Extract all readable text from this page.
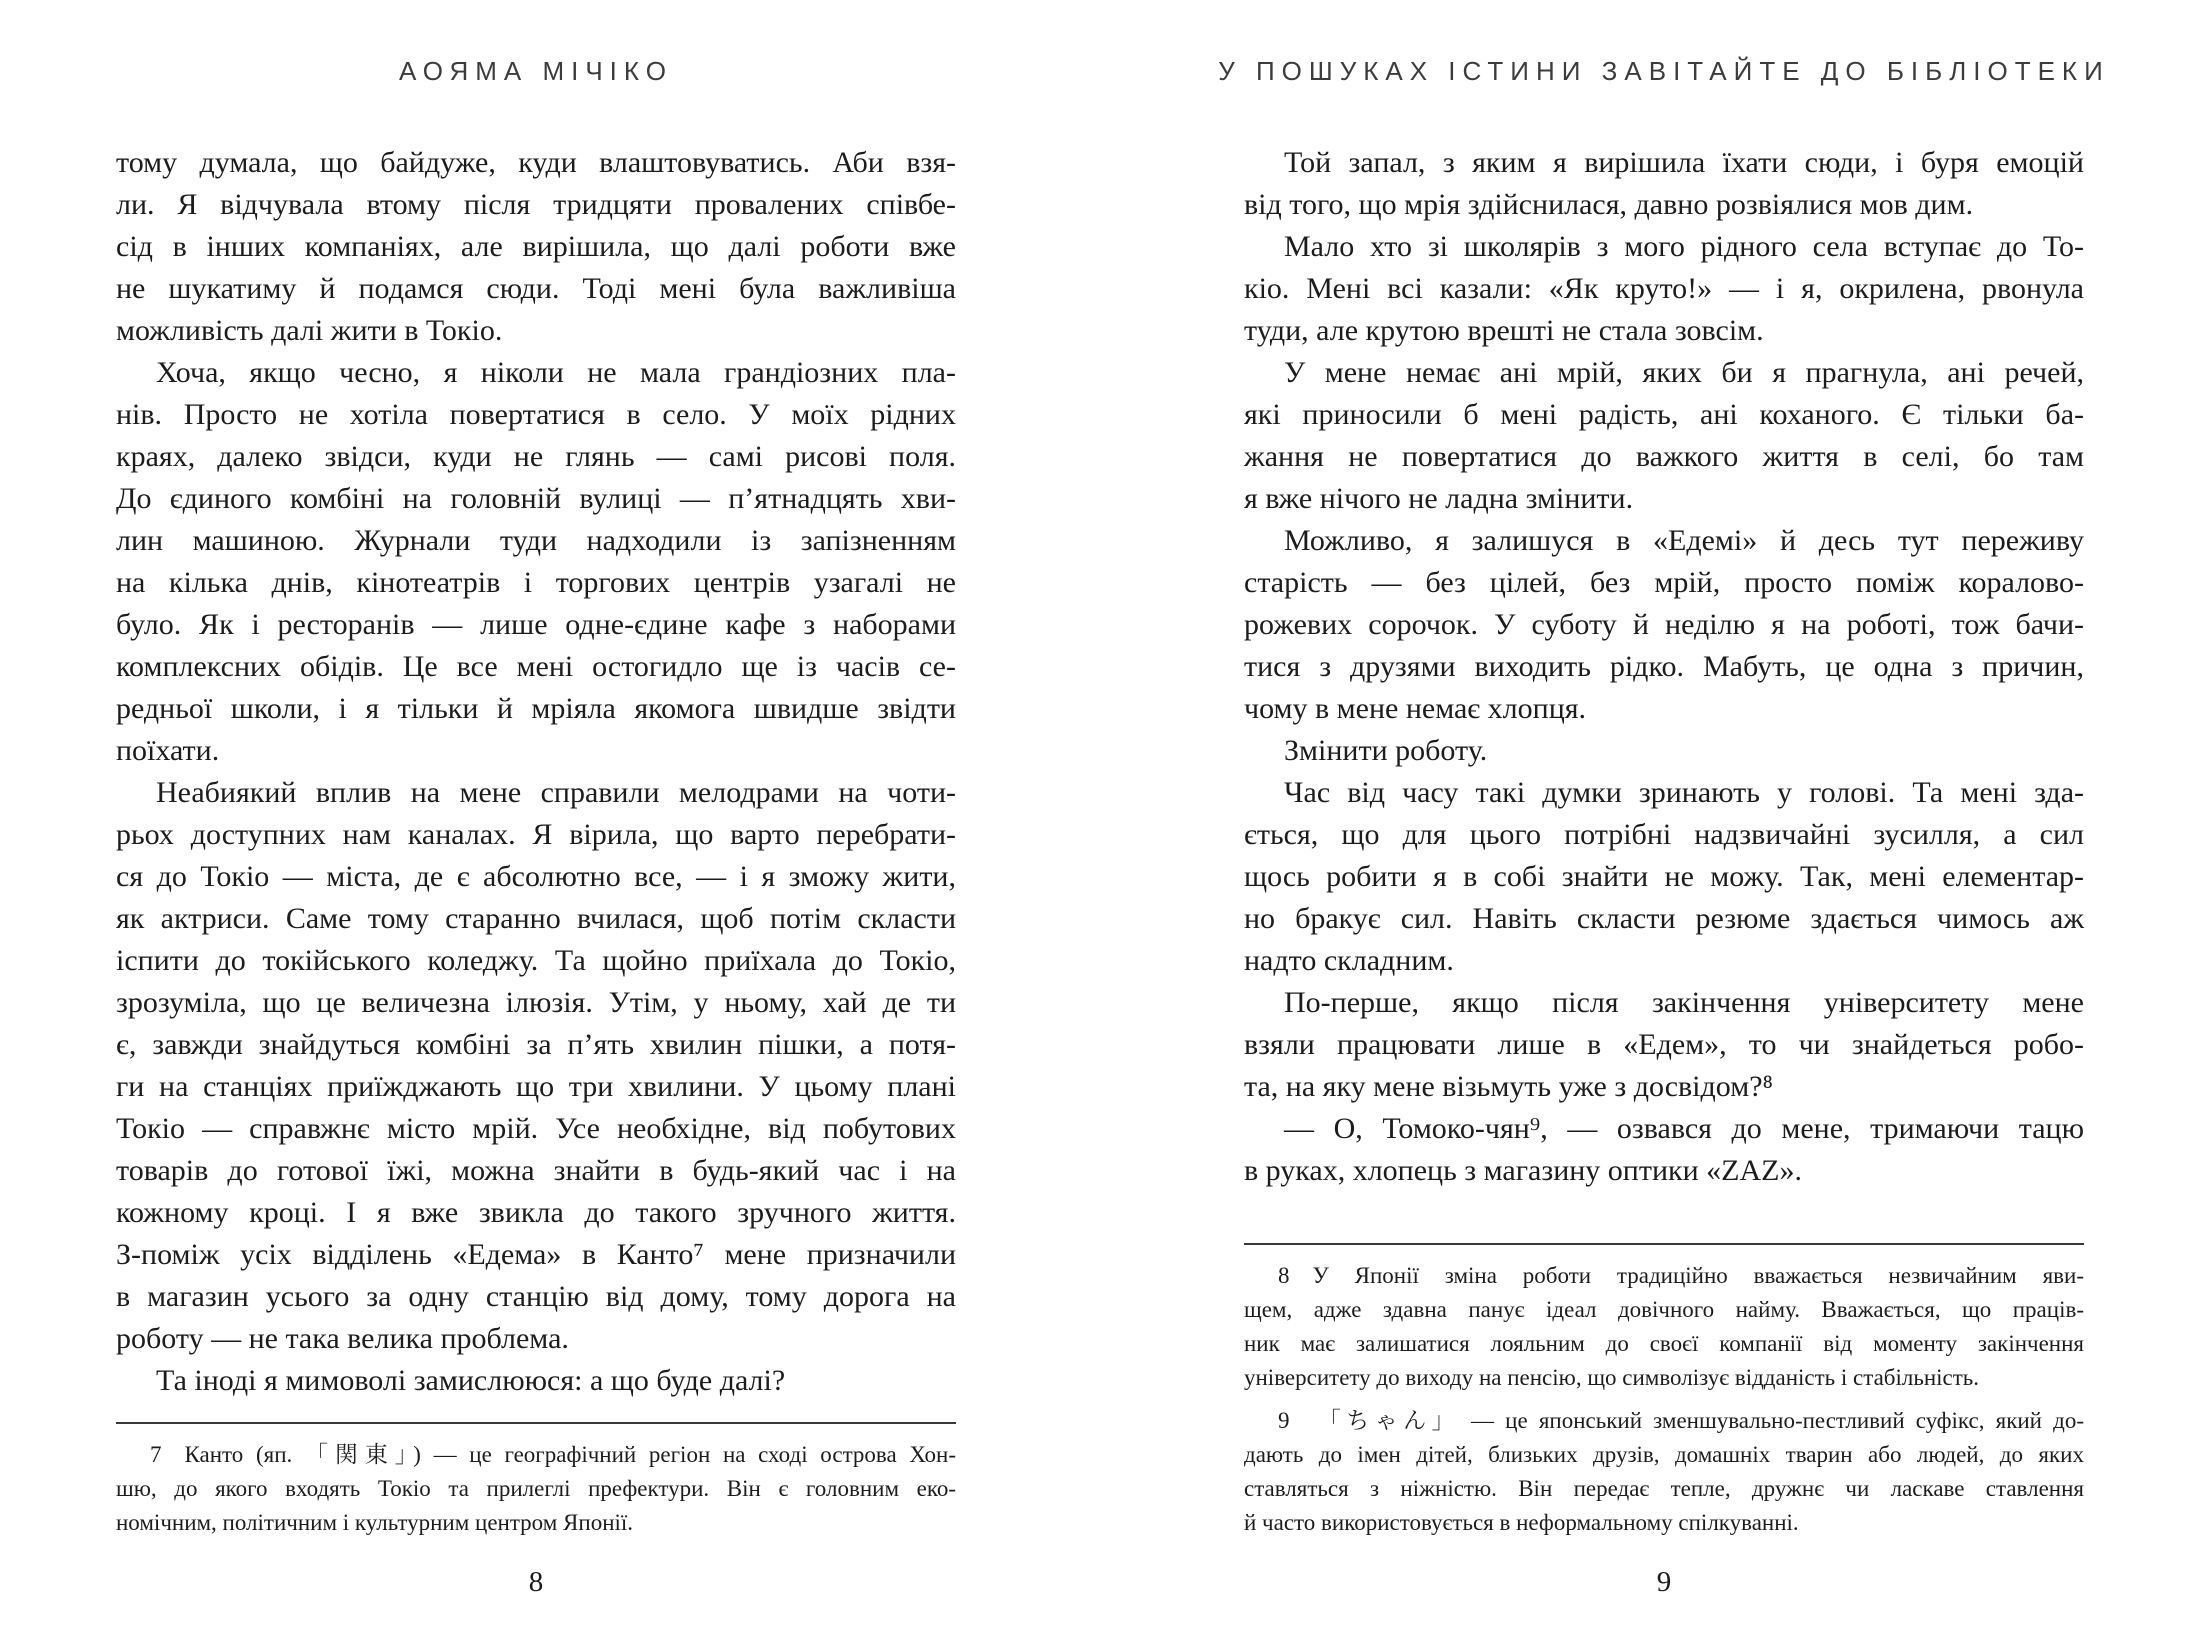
АОЯМА МІЧІКО

тому думала, що байдуже, куди влаштовуватись. Аби взя-
ли. Я відчувала втому після тридцяти провалених співбе-
сід в інших компаніях, але вирішила, що далі роботи вже
не шукатиму й подамся сюди. Тоді мені була важливіша
можливість далі жити в Токіо.

Хоча, якщо чесно, я ніколи не мала грандіозних пла-
нів. Просто не хотіла повертатися в село. У моїх рідних
краях, далеко звідси, куди не глянь — самі рисові поля.
До єдиного комбіні на головній вулиці — п’ятнадцять хви-
лин машиною. Журнали туди надходили із запізненням
на кілька днів, кінотеатрів і торгових центрів узагалі не
було. Як і ресторанів — лише одне-єдине кафе з наборами
комплексних обідів. Це все мені остогидло ще із часів се-
редньої школи, і я тільки й мріяла якомога швидше звідти
поїхати.

Неабиякий вплив на мене справили мелодрами на чоти-
рьох доступних нам каналах. Я вірила, що варто перебрати-
ся до Токіо — міста, де є абсолютно все, — і я зможу жити,
як актриси. Саме тому старанно вчилася, щоб потім скласти
іспити до токійського коледжу. Та щойно приїхала до Токіо,
зрозуміла, що це величезна ілюзія. Утім, у ньому, хай де ти
є, завжди знайдуться комбіні за п’ять хвилин пішки, а потя-
ги на станціях приїжджають що три хвилини. У цьому плані
Токіо — справжнє місто мрій. Усе необхідне, від побутових
товарів до готової їжі, можна знайти в будь-який час і на
кожному кроці. І я вже звикла до такого зручного життя.
З-поміж усіх відділень «Едема» в Канто⁷ мене призначили
в магазин усього за одну станцію від дому, тому дорога на
роботу — не така велика проблема.

Та іноді я мимоволі замислююся: а що буде далі?

7 Канто (яп. 「関東」) — це географічний регіон на сході острова Хон-
шю, до якого входять Токіо та прилеглі префектури. Він є головним еко-
номічним, політичним і культурним центром Японії.
8
У ПОШУКАХ ІСТИНИ ЗАВІТАЙТЕ ДО БІБЛІОТЕКИ

Той запал, з яким я вирішила їхати сюди, і буря емоцій
від того, що мрія здійснилася, давно розвіялися мов дим.

Мало хто зі школярів з мого рідного села вступає до То-
кіо. Мені всі казали: «Як круто!» — і я, окрилена, рвонула
туди, але крутою врешті не стала зовсім.

У мене немає ані мрій, яких би я прагнула, ані речей,
які приносили б мені радість, ані коханого. Є тільки ба-
жання не повертатися до важкого життя в селі, бо там
я вже нічого не ладна змінити.

Можливо, я залишуся в «Едемі» й десь тут переживу
старість — без цілей, без мрій, просто поміж коралово-
рожевих сорочок. У суботу й неділю я на роботі, тож бачи-
тися з друзями виходить рідко. Мабуть, це одна з причин,
чому в мене немає хлопця.

Змінити роботу.

Час від часу такі думки зринають у голові. Та мені зда-
ється, що для цього потрібні надзвичайні зусилля, а сил
щось робити я в собі знайти не можу. Так, мені елементар-
но бракує сил. Навіть скласти резюме здається чимось аж
надто складним.

По-перше, якщо після закінчення університету мене
взяли працювати лише в «Едем», то чи знайдеться робо-
та, на яку мене візьмуть уже з досвідом?⁸

— О, Томоко-чян⁹, — озвався до мене, тримаючи тацю
в руках, хлопець з магазину оптики «ZAZ».

8 У Японії зміна роботи традиційно вважається незвичайним яви-
щем, адже здавна панує ідеал довічного найму. Вважається, що праців-
ник має залишатися лояльним до своєї компанії від моменту закінчення
університету до виходу на пенсію, що символізує відданість і стабільність.
9 「ちゃん」 — це японський зменшувально-пестливий суфікс, який до-
дають до імен дітей, близьких друзів, домашніх тварин або людей, до яких
ставляться з ніжністю. Він передає тепле, дружнє чи ласкаве ставлення
й часто використовується в неформальному спілкуванні.
9
